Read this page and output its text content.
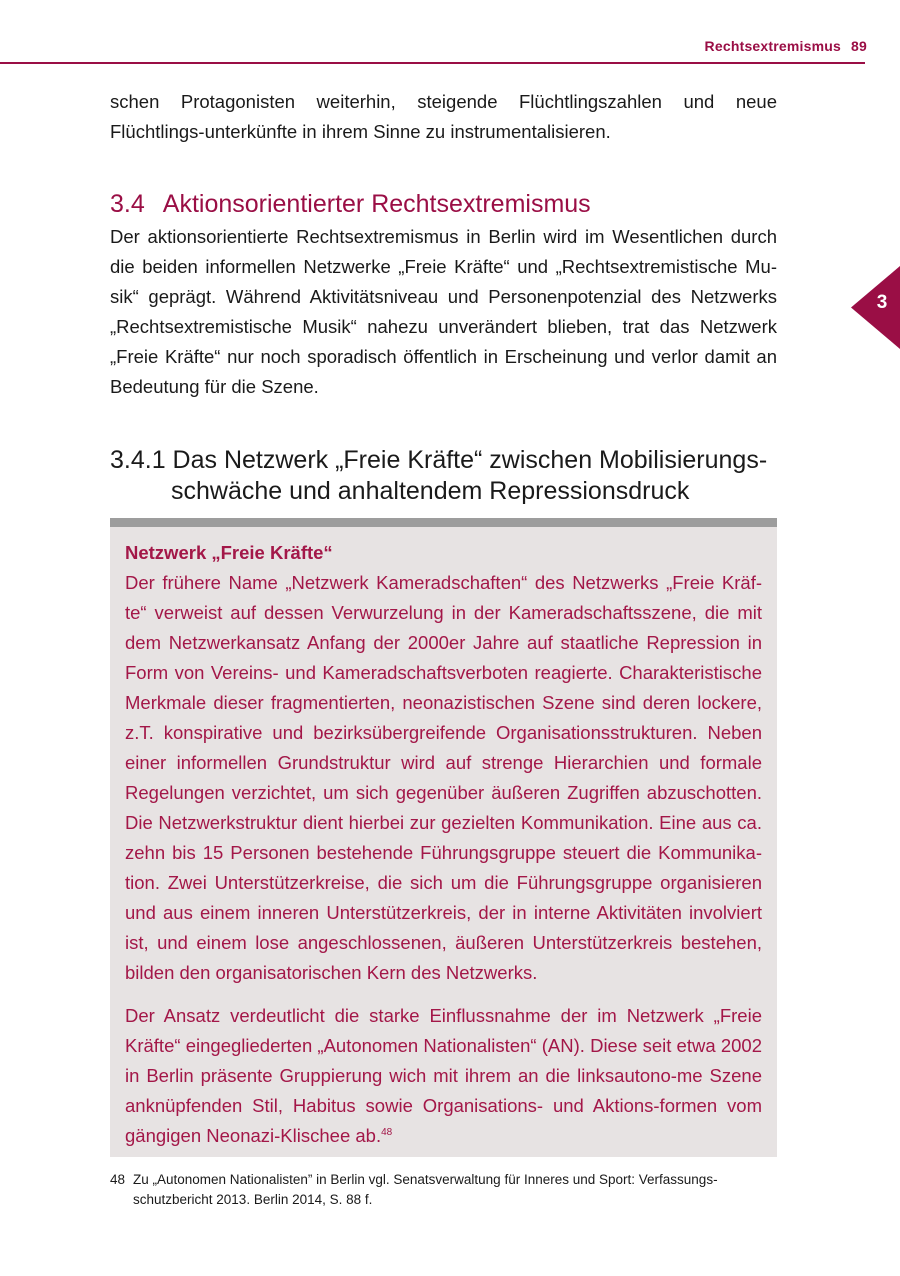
Rechtsextremismus 89
3
schen Protagonisten weiterhin, steigende Flüchtlingszahlen und neue Flüchtlings-unterkünfte in ihrem Sinne zu instrumentalisieren.
3.4 Aktionsorientierter Rechtsextremismus
Der aktionsorientierte Rechtsextremismus in Berlin wird im Wesentlichen durch die beiden informellen Netzwerke „Freie Kräfte“ und „Rechtsextremistische Mu-sik“ geprägt. Während Aktivitätsniveau und Personenpotenzial des Netzwerks „Rechtsextremistische Musik“ nahezu unverändert blieben, trat das Netzwerk „Freie Kräfte“ nur noch sporadisch öffentlich in Erscheinung und verlor damit an Bedeutung für die Szene.
3.4.1 Das Netzwerk „Freie Kräfte“ zwischen Mobilisierungs-
schwäche und anhaltendem Repressionsdruck
Netzwerk „Freie Kräfte“

Der frühere Name „Netzwerk Kameradschaften“ des Netzwerks „Freie Kräf-te“ verweist auf dessen Verwurzelung in der Kameradschaftsszene, die mit dem Netzwerkansatz Anfang der 2000er Jahre auf staatliche Repression in Form von Vereins- und Kameradschaftsverboten reagierte. Charakteristische Merkmale dieser fragmentierten, neonazistischen Szene sind deren lockere, z.T. konspirative und bezirksübergreifende Organisationsstrukturen. Neben einer informellen Grundstruktur wird auf strenge Hierarchien und formale Regelungen verzichtet, um sich gegenüber äußeren Zugriffen abzuschotten. Die Netzwerkstruktur dient hierbei zur gezielten Kommunikation. Eine aus ca. zehn bis 15 Personen bestehende Führungsgruppe steuert die Kommunika-tion. Zwei Unterstützerkreise, die sich um die Führungsgruppe organisieren und aus einem inneren Unterstützerkreis, der in interne Aktivitäten involviert ist, und einem lose angeschlossenen, äußeren Unterstützerkreis bestehen, bilden den organisatorischen Kern des Netzwerks.

Der Ansatz verdeutlicht die starke Einflussnahme der im Netzwerk „Freie Kräfte“ eingegliederten „Autonomen Nationalisten“ (AN). Diese seit etwa 2002 in Berlin präsente Gruppierung wich mit ihrem an die linksautono-me Szene anknüpfenden Stil, Habitus sowie Organisations- und Aktions-formen vom gängigen Neonazi-Klischee ab.$^{48}$

48 Zu „Autonomen Nationalisten” in Berlin vgl. Senatsverwaltung für Inneres und Sport: Verfassungs-schutzbericht 2013. Berlin 2014, S. 88 f.
